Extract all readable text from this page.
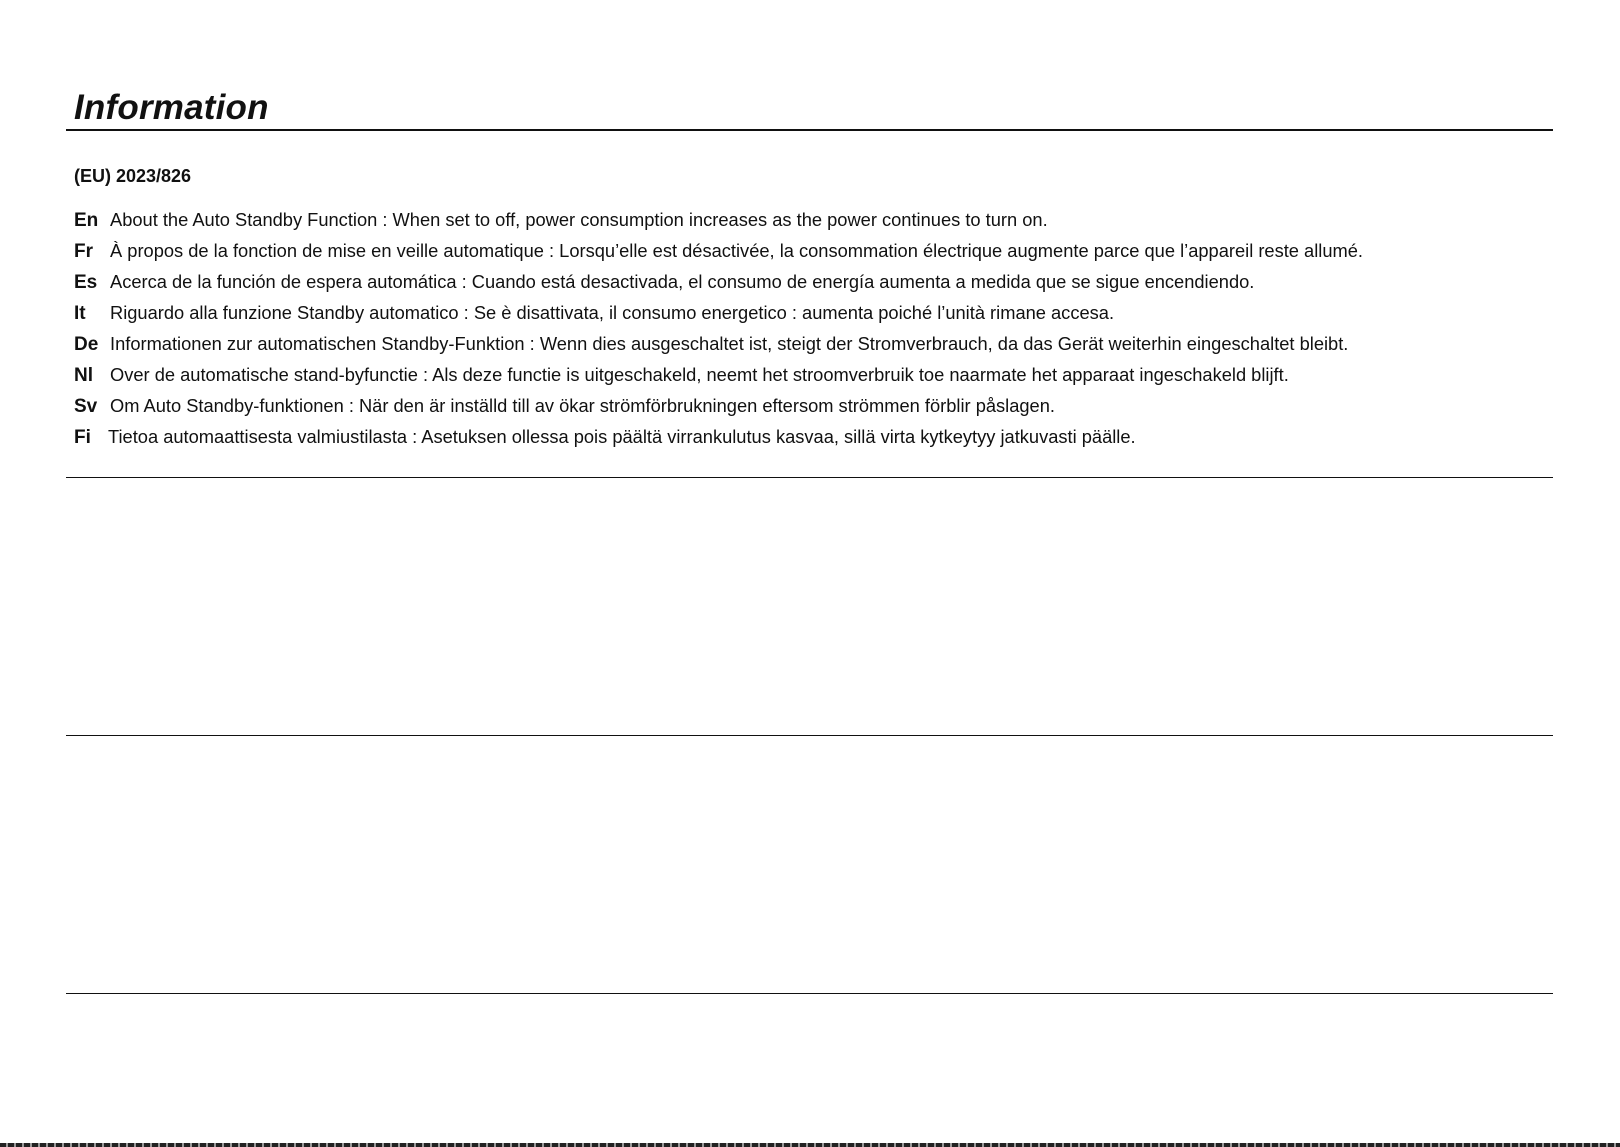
Information
(EU) 2023/826
En About the Auto Standby Function : When set to off, power consumption increases as the power continues to turn on.
Fr À propos de la fonction de mise en veille automatique : Lorsqu’elle est désactivée, la consommation électrique augmente parce que l’appareil reste allumé.
Es Acerca de la función de espera automática : Cuando está desactivada, el consumo de energía aumenta a medida que se sigue encendiendo.
It Riguardo alla funzione Standby automatico : Se è disattivata, il consumo energetico : aumenta poiché l’unità rimane accesa.
De Informationen zur automatischen Standby-Funktion : Wenn dies ausgeschaltet ist, steigt der Stromverbrauch, da das Gerät weiterhin eingeschaltet bleibt.
Nl Over de automatische stand-byfunctie : Als deze functie is uitgeschakeld, neemt het stroomverbruik toe naarmate het apparaat ingeschakeld blijft.
Sv Om Auto Standby-funktionen : När den är inställd till av ökar strömförbrukningen eftersom strömmen förblir påslagen.
Fi Tietoa automaattisesta valmiustilasta : Asetuksen ollessa pois päältä virrankulutus kasvaa, sillä virta kytkeytyy jatkuvasti päälle.
